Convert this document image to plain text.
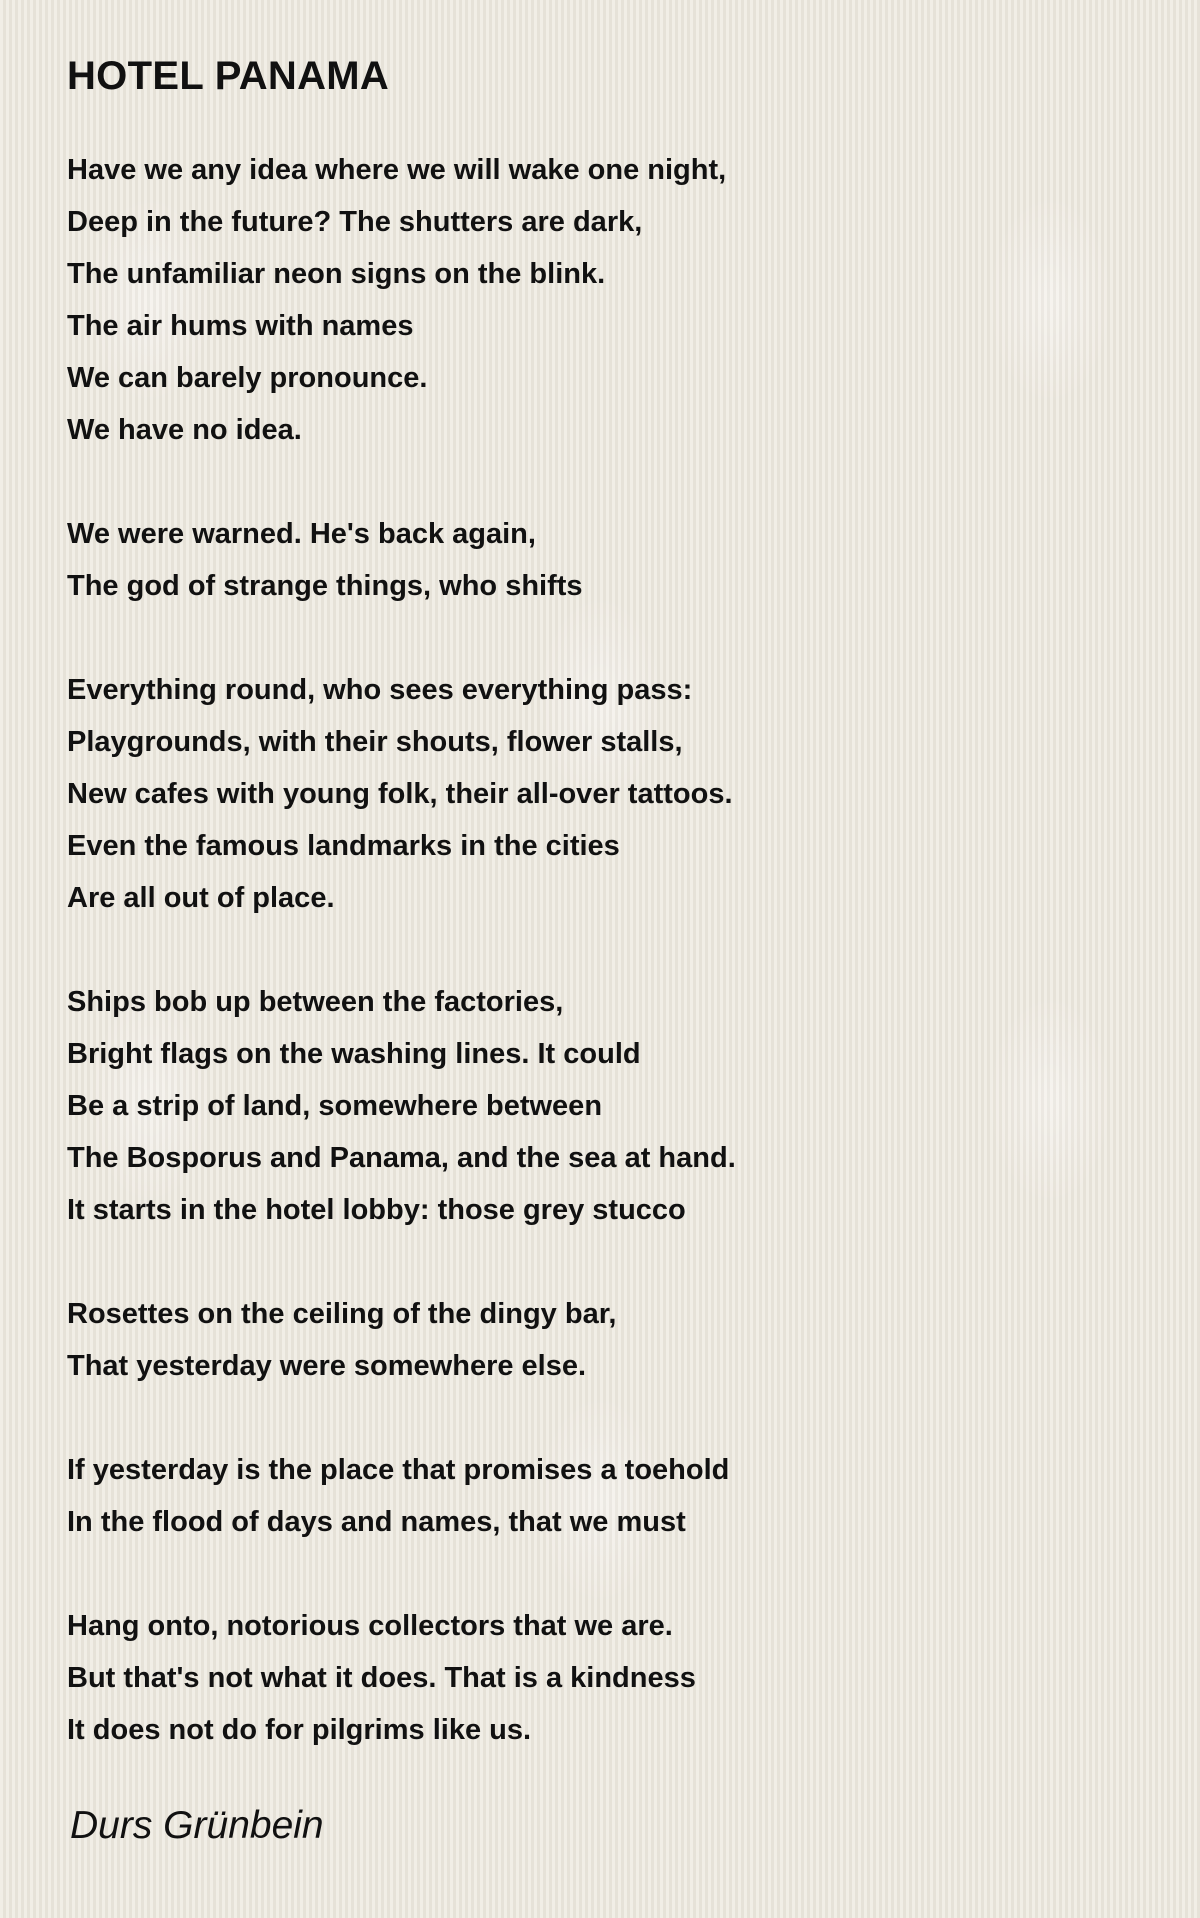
HOTEL PANAMA
Have we any idea where we will wake one night,
Deep in the future? The shutters are dark,
The unfamiliar neon signs on the blink.
The air hums with names
We can barely pronounce.
We have no idea.
We were warned. He's back again,
The god of strange things, who shifts
Everything round, who sees everything pass:
Playgrounds, with their shouts, flower stalls,
New cafes with young folk, their all-over tattoos.
Even the famous landmarks in the cities
Are all out of place.
Ships bob up between the factories,
Bright flags on the washing lines. It could
Be a strip of land, somewhere between
The Bosporus and Panama, and the sea at hand.
It starts in the hotel lobby: those grey stucco
Rosettes on the ceiling of the dingy bar,
That yesterday were somewhere else.
If yesterday is the place that promises a toehold
In the flood of days and names, that we must
Hang onto, notorious collectors that we are.
But that's not what it does. That is a kindness
It does not do for pilgrims like us.
Durs Grünbein
